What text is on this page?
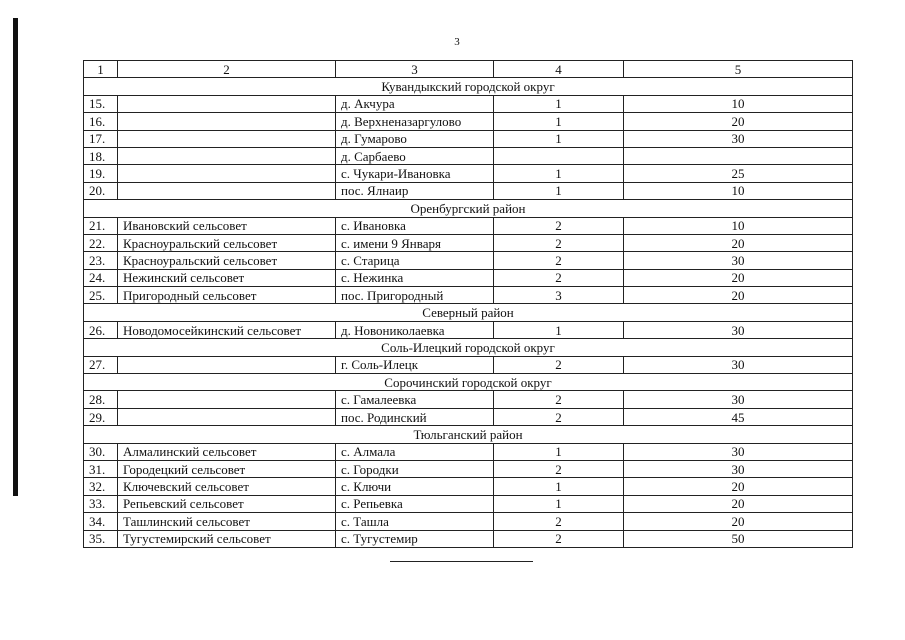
3
1	2	3	4	5
Кувандыкский городской округ				
15.		д. Акчура	1	10
16.		д. Верхненазаргулово	1	20
17.		д. Гумарово	1	30
18.		д. Сарбаево		
19.		с. Чукари-Ивановка	1	25
20.		пос. Ялнаир	1	10
Оренбургский район				
21.	Ивановский сельсовет	с. Ивановка	2	10
22.	Красноуральский сельсовет	с. имени 9 Января	2	20
23.	Красноуральский сельсовет	с. Старица	2	30
24.	Нежинский сельсовет	с. Нежинка	2	20
25.	Пригородный сельсовет	пос. Пригородный	3	20
Северный район				
26.	Новодомосейкинский сельсовет	д. Новониколаевка	1	30
Соль-Илецкий городской округ				
27.		г. Соль-Илецк	2	30
Сорочинский городской округ				
28.		с. Гамалеевка	2	30
29.		пос. Родинский	2	45
Тюльганский район				
30.	Алмалинский сельсовет	с. Алмала	1	30
31.	Городецкий сельсовет	с. Городки	2	30
32.	Ключевский сельсовет	с. Ключи	1	20
33.	Репьевский сельсовет	с. Репьевка	1	20
34.	Ташлинский сельсовет	с. Ташла	2	20
35.	Тугустемирский сельсовет	с. Тугустемир	2	50
